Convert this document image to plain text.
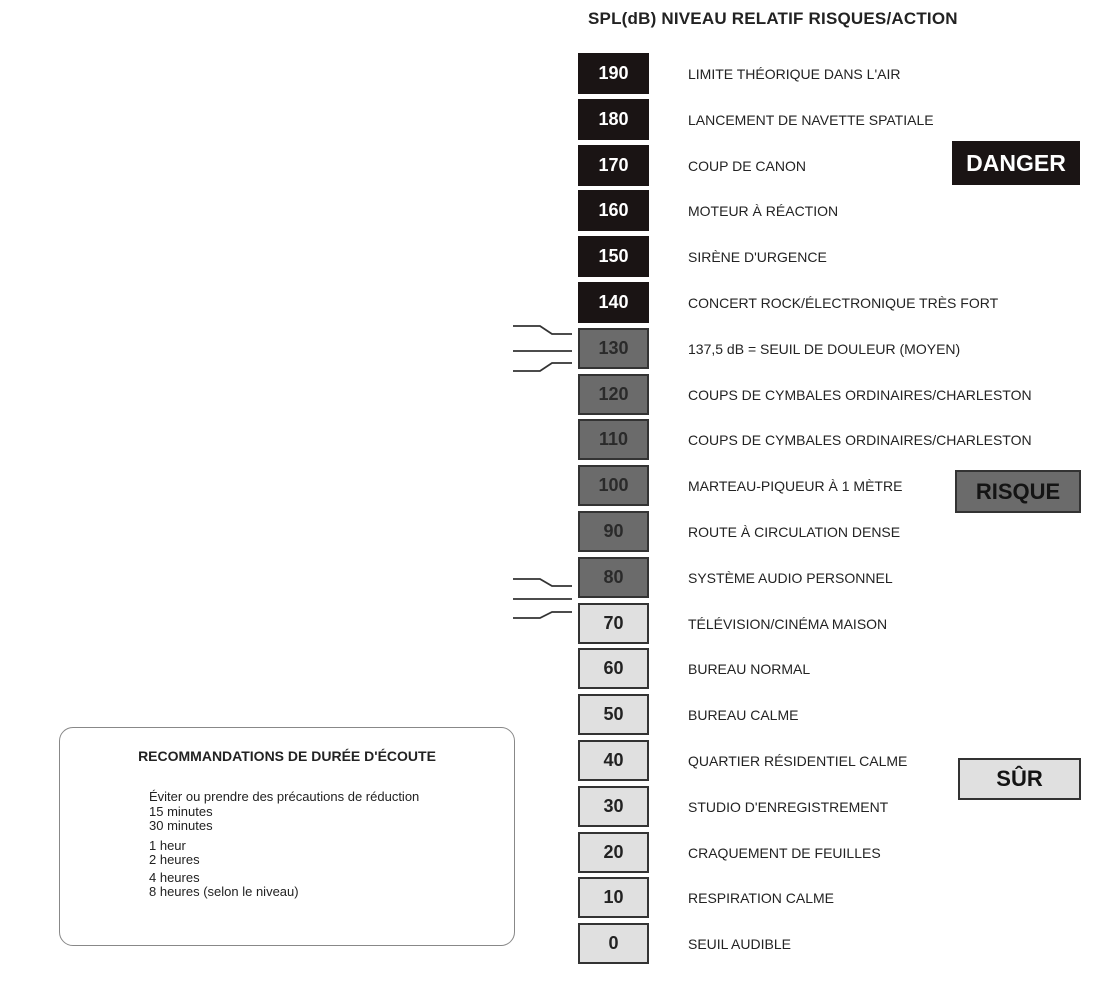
SPL(dB) NIVEAU RELATIF RISQUES/ACTION
190
180
170
160
150
140
130
120
110
100
90
80
70
60
50
40
30
20
10
0
LIMITE THÉORIQUE DANS L'AIR
LANCEMENT DE NAVETTE SPATIALE
COUP DE CANON
MOTEUR À RÉACTION
SIRÈNE D'URGENCE
CONCERT ROCK/ÉLECTRONIQUE TRÈS FORT
137,5 dB = SEUIL DE DOULEUR (MOYEN)
COUPS DE CYMBALES ORDINAIRES/CHARLESTON
COUPS DE CYMBALES ORDINAIRES/CHARLESTON
MARTEAU-PIQUEUR À 1 MÈTRE
ROUTE À CIRCULATION DENSE
SYSTÈME AUDIO PERSONNEL
TÉLÉVISION/CINÉMA MAISON
BUREAU NORMAL
BUREAU CALME
QUARTIER RÉSIDENTIEL CALME
STUDIO D'ENREGISTREMENT
CRAQUEMENT DE FEUILLES
RESPIRATION CALME
SEUIL AUDIBLE
DANGER
RISQUE
SÛR
RECOMMANDATIONS DE DURÉE D'ÉCOUTE
Éviter ou prendre des précautions de réduction
15 minutes
30 minutes
1 heur
2 heures
4 heures
8 heures (selon le niveau)
